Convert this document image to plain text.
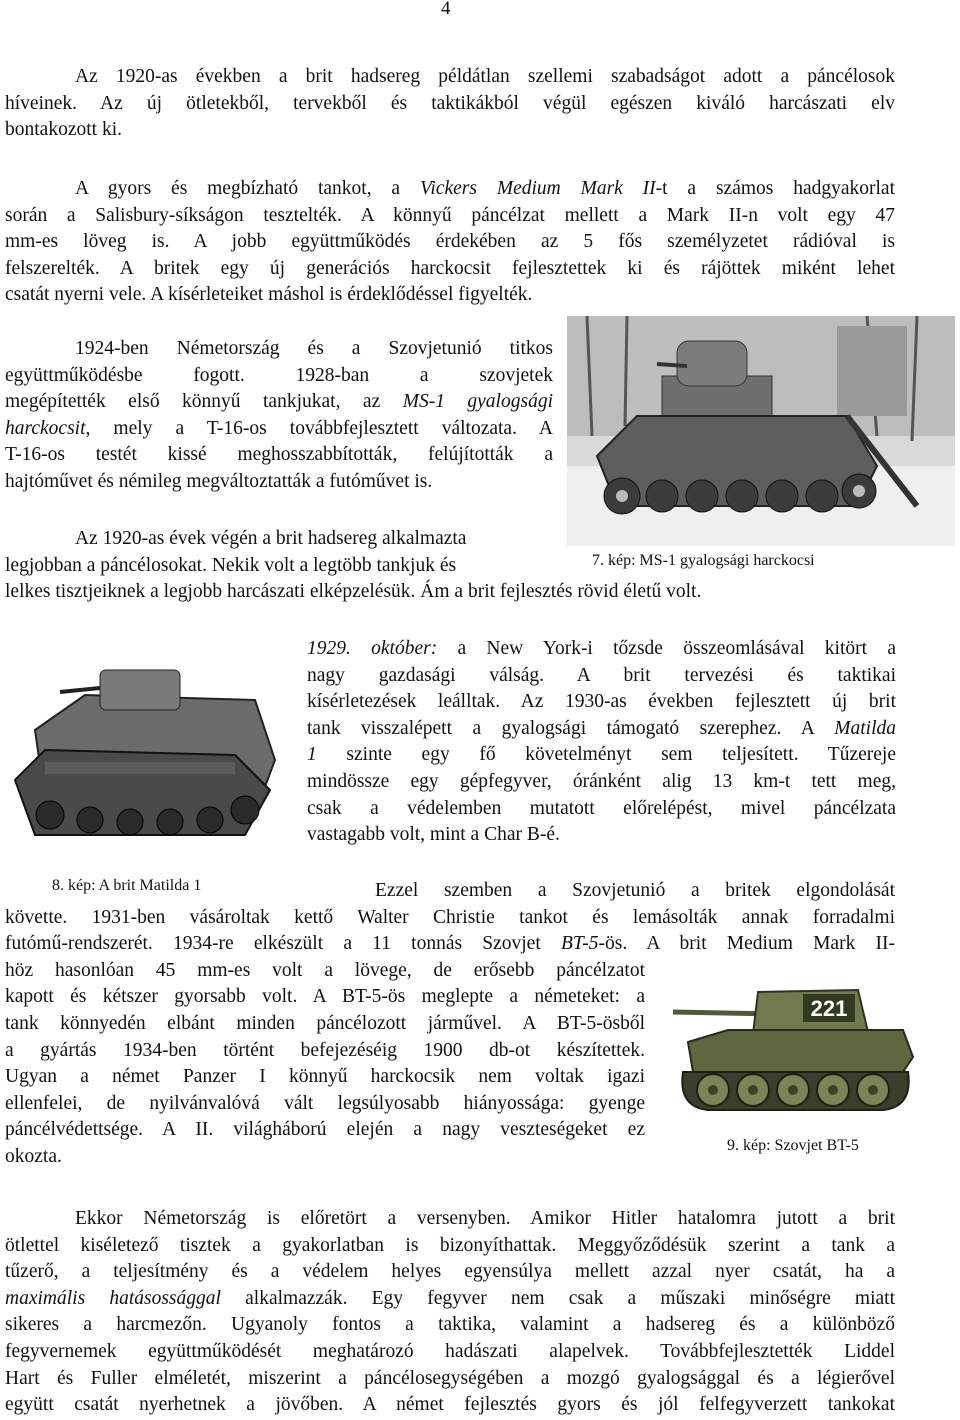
4
Az 1920-as években a brit hadsereg példátlan szellemi szabadságot adott a páncélosok
híveinek. Az új ötletekből, tervekből és taktikákból végül egészen kiváló harcászati elv
bontakozott ki.
A gyors és megbízható tankot, a Vickers Medium Mark II-t a számos hadgyakorlat
során a Salisbury-síkságon tesztelték. A könnyű páncélzat mellett a Mark II-n volt egy 47
mm-es löveg is. A jobb együttműködés érdekében az 5 fős személyzetet rádióval is
felszerelték. A britek egy új generációs harckocsit fejlesztettek ki és rájöttek miként lehet
csatát nyerni vele. A kísérleteiket máshol is érdeklődéssel figyelték.
1924-ben Németország és a Szovjetunió titkos
együttműködésbe fogott. 1928-ban a szovjetek
megépítették első könnyű tankjukat, az MS-1 gyalogsági
harckocsit, mely a T-16-os továbbfejlesztett változata. A
T-16-os testét kissé meghosszabbították, felújították a
hajtóművet és némileg megváltoztatták a futóművet is.
Az 1920-as évek végén a brit hadsereg alkalmazta
legjobban a páncélosokat. Nekik volt a legtöbb tankjuk és
lelkes tisztjeiknek a legjobb harcászati elképzelésük. Ám a brit fejlesztés rövid életű volt.
7. kép: MS-1 gyalogsági harckocsi
1929. október: a New York-i tőzsde összeomlásával kitört a
nagy gazdasági válság. A brit tervezési és taktikai
kísérletezések leálltak. Az 1930-as években fejlesztett új brit
tank visszalépett a gyalogsági támogató szerephez. A Matilda
1 szinte egy fő követelményt sem teljesített. Tűzereje
mindössze egy gépfegyver, óránként alig 13 km-t tett meg,
csak a védelemben mutatott előrelépést, mivel páncélzata
vastagabb volt, mint a Char B-é.
8. kép: A brit Matilda 1	Ezzel szemben a Szovjetunió a britek elgondolását
követte. 1931-ben vásároltak kettő Walter Christie tankot és lemásolták annak forradalmi
futómű-rendszerét. 1934-re elkészült a 11 tonnás Szovjet BT-5-ös. A brit Medium Mark II-
höz hasonlóan 45 mm-es volt a lövege, de erősebb páncélzatot
kapott és kétszer gyorsabb volt. A BT-5-ös meglepte a németeket: a
tank könnyedén elbánt minden páncélozott járművel. A BT-5-ösből
a gyártás 1934-ben történt befejezéséig 1900 db-ot készítettek.
Ugyan a német Panzer I könnyű harckocsik nem voltak igazi
ellenfelei, de nyilvánvalóvá vált legsúlyosabb hiányossága: gyenge
páncélvédettsége. A II. világháború elején a nagy veszteségeket ez
okozta.
221
9. kép: Szovjet BT-5
Ekkor Németország is előretört a versenyben. Amikor Hitler hatalomra jutott a brit
ötlettel kiséletező tisztek a gyakorlatban is bizonyíthattak. Meggyőződésük szerint a tank a
tűzerő, a teljesítmény és a védelem helyes egyensúlya mellett azzal nyer csatát, ha a
maximális hatásossággal alkalmazzák. Egy fegyver nem csak a műszaki minőségre miatt
sikeres a harcmezőn. Ugyanoly fontos a taktika, valamint a hadsereg és a különböző
fegyvernemek együttműködését meghatározó hadászati alapelvek. Továbbfejlesztették Liddel
Hart és Fuller elméletét, miszerint a páncélosegységében a mozgó gyalogsággal és a légierővel
együtt csatát nyerhetnek a jövőben. A német fejlesztés gyors és jól felfegyverzett tankokat
